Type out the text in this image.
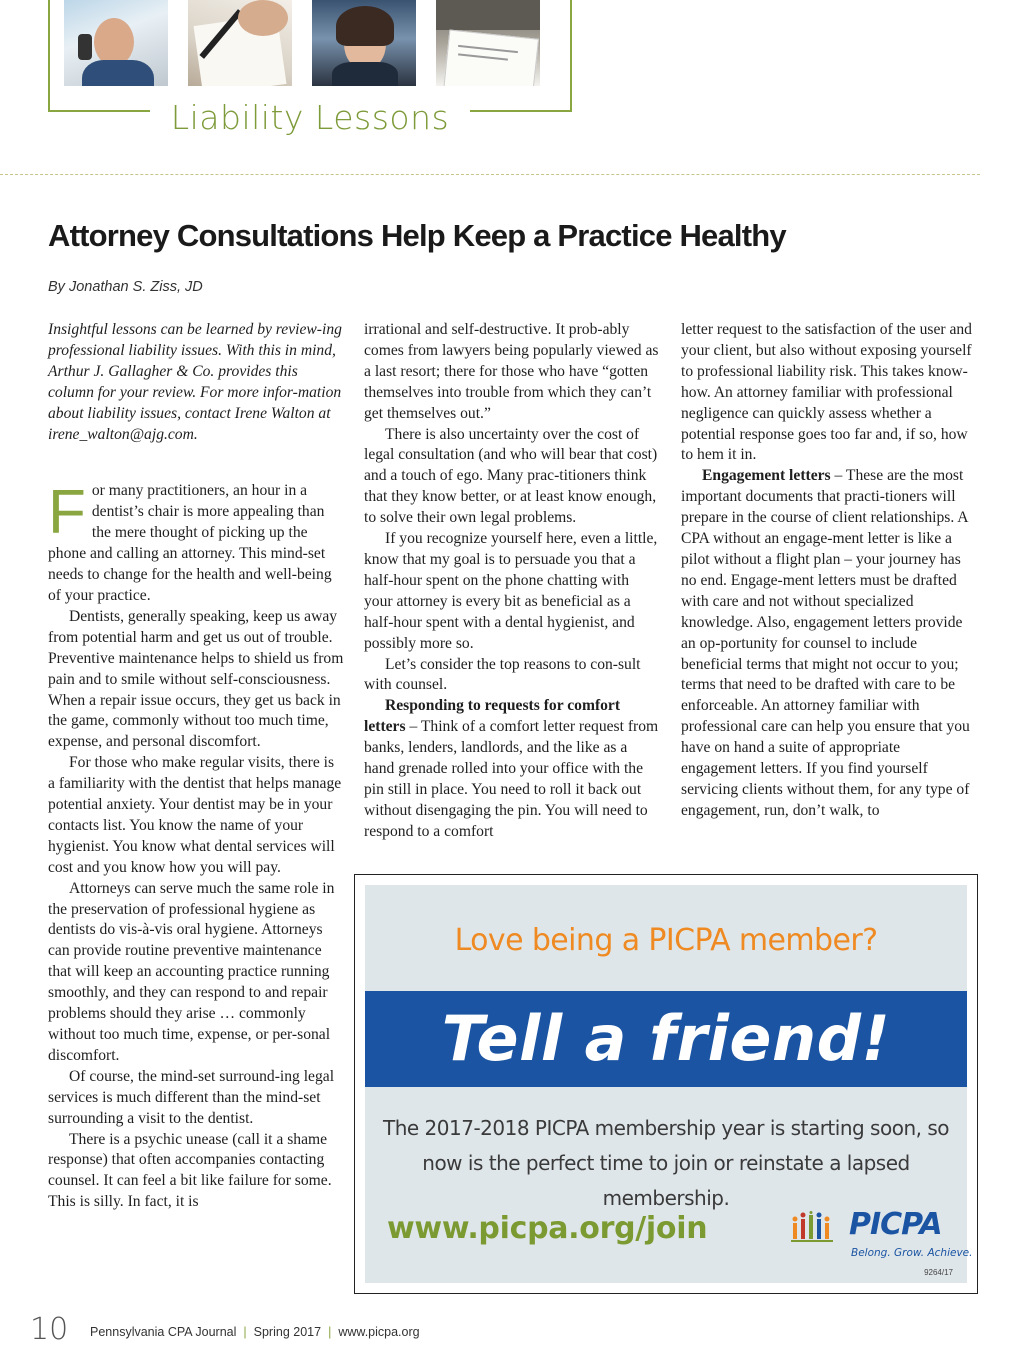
Liability Lessons
Attorney Consultations Help Keep a Practice Healthy
By Jonathan S. Ziss, JD

Insightful lessons can be learned by review-ing professional liability issues. With this in mind, Arthur J. Gallagher & Co. provides this column for your review. For more infor-mation about liability issues, contact Irene Walton at irene_walton@ajg.com.

For many practitioners, an hour in a dentist’s chair is more appealing than the mere thought of picking up the phone and calling an attorney. This mind-set needs to change for the health and well-being of your practice.

Dentists, generally speaking, keep us away from potential harm and get us out of trouble. Preventive maintenance helps to shield us from pain and to smile without self-consciousness. When a repair issue occurs, they get us back in the game, commonly without too much time, expense, and personal discomfort.

For those who make regular visits, there is a familiarity with the dentist that helps manage potential anxiety. Your dentist may be in your contacts list. You know the name of your hygienist. You know what dental services will cost and you know how you will pay.

Attorneys can serve much the same role in the preservation of professional hygiene as dentists do vis-à-vis oral hygiene. Attorneys can provide routine preventive maintenance that will keep an accounting practice running smoothly, and they can respond to and repair problems should they arise … commonly without too much time, expense, or per-sonal discomfort.

Of course, the mind-set surround-ing legal services is much different than the mind-set surrounding a visit to the dentist.

There is a psychic unease (call it a shame response) that often accompanies contacting counsel. It can feel a bit like failure for some. This is silly. In fact, it is

irrational and self-destructive. It prob-ably comes from lawyers being popularly viewed as a last resort; there for those who have “gotten themselves into trouble from which they can’t get themselves out.”

There is also uncertainty over the cost of legal consultation (and who will bear that cost) and a touch of ego. Many prac-titioners think that they know better, or at least know enough, to solve their own legal problems.

If you recognize yourself here, even a little, know that my goal is to persuade you that a half-hour spent on the phone chatting with your attorney is every bit as beneficial as a half-hour spent with a dental hygienist, and possibly more so.

Let’s consider the top reasons to con-sult with counsel.

Responding to requests for comfort letters – Think of a comfort letter request from banks, lenders, landlords, and the like as a hand grenade rolled into your office with the pin still in place. You need to roll it back out without disengaging the pin. You will need to respond to a comfort

letter request to the satisfaction of the user and your client, but also without exposing yourself to professional liability risk. This takes know-how. An attorney familiar with professional negligence can quickly assess whether a potential response goes too far and, if so, how to hem it in.

Engagement letters – These are the most important documents that practi-tioners will prepare in the course of client relationships. A CPA without an engage-ment letter is like a pilot without a flight plan – your journey has no end. Engage-ment letters must be drafted with care and not without specialized knowledge. Also, engagement letters provide an op-portunity for counsel to include beneficial terms that might not occur to you; terms that need to be drafted with care to be enforceable. An attorney familiar with professional care can help you ensure that you have on hand a suite of appropriate engagement letters. If you find yourself servicing clients without them, for any type of engagement, run, don’t walk, to

Love being a PICPA member?
Tell a friend!
The 2017-2018 PICPA membership year is starting soon, so
now is the perfect time to join or reinstate a lapsed membership.
www.picpa.org/join	PICPA
Belong. Grow. Achieve.
9264/17
10 Pennsylvania CPA Journal | Spring 2017 | www.picpa.org
